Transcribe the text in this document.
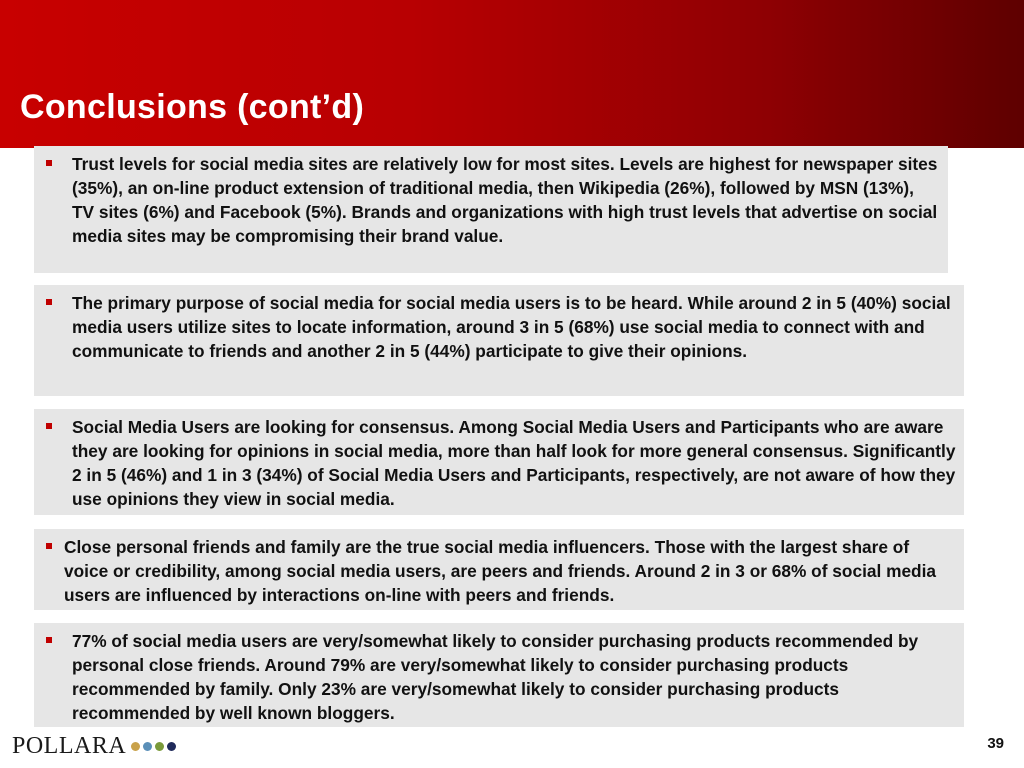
Conclusions (cont’d)
Trust levels for social media sites are relatively low for most sites. Levels are highest for newspaper sites (35%), an on-line product extension of traditional media, then Wikipedia (26%), followed by MSN (13%), TV sites (6%) and Facebook (5%). Brands and organizations with high trust levels that advertise on social media sites may be compromising their brand value.
The primary purpose of social media for social media users is to be heard. While around 2 in 5 (40%) social media users utilize sites to locate information, around 3 in 5 (68%) use social media to connect with and communicate to friends and another 2 in 5 (44%) participate to give their opinions.
Social Media Users are looking for consensus. Among Social Media Users and Participants who are aware they are looking for opinions in social media, more than half look for more general consensus. Significantly 2 in 5 (46%) and 1 in 3 (34%) of Social Media Users and Participants, respectively, are not aware of how they use opinions they view in social media.
Close personal friends and family are the true social media influencers. Those with the largest share of voice or credibility, among social media users, are peers and friends. Around 2 in 3 or 68% of social media users are influenced by interactions on-line with peers and friends.
77% of social media users are very/somewhat likely to consider purchasing products recommended by personal close friends. Around 79% are very/somewhat likely to consider purchasing products recommended by family. Only 23% are very/somewhat likely to consider purchasing products recommended by well known bloggers.
POLLARA	39
